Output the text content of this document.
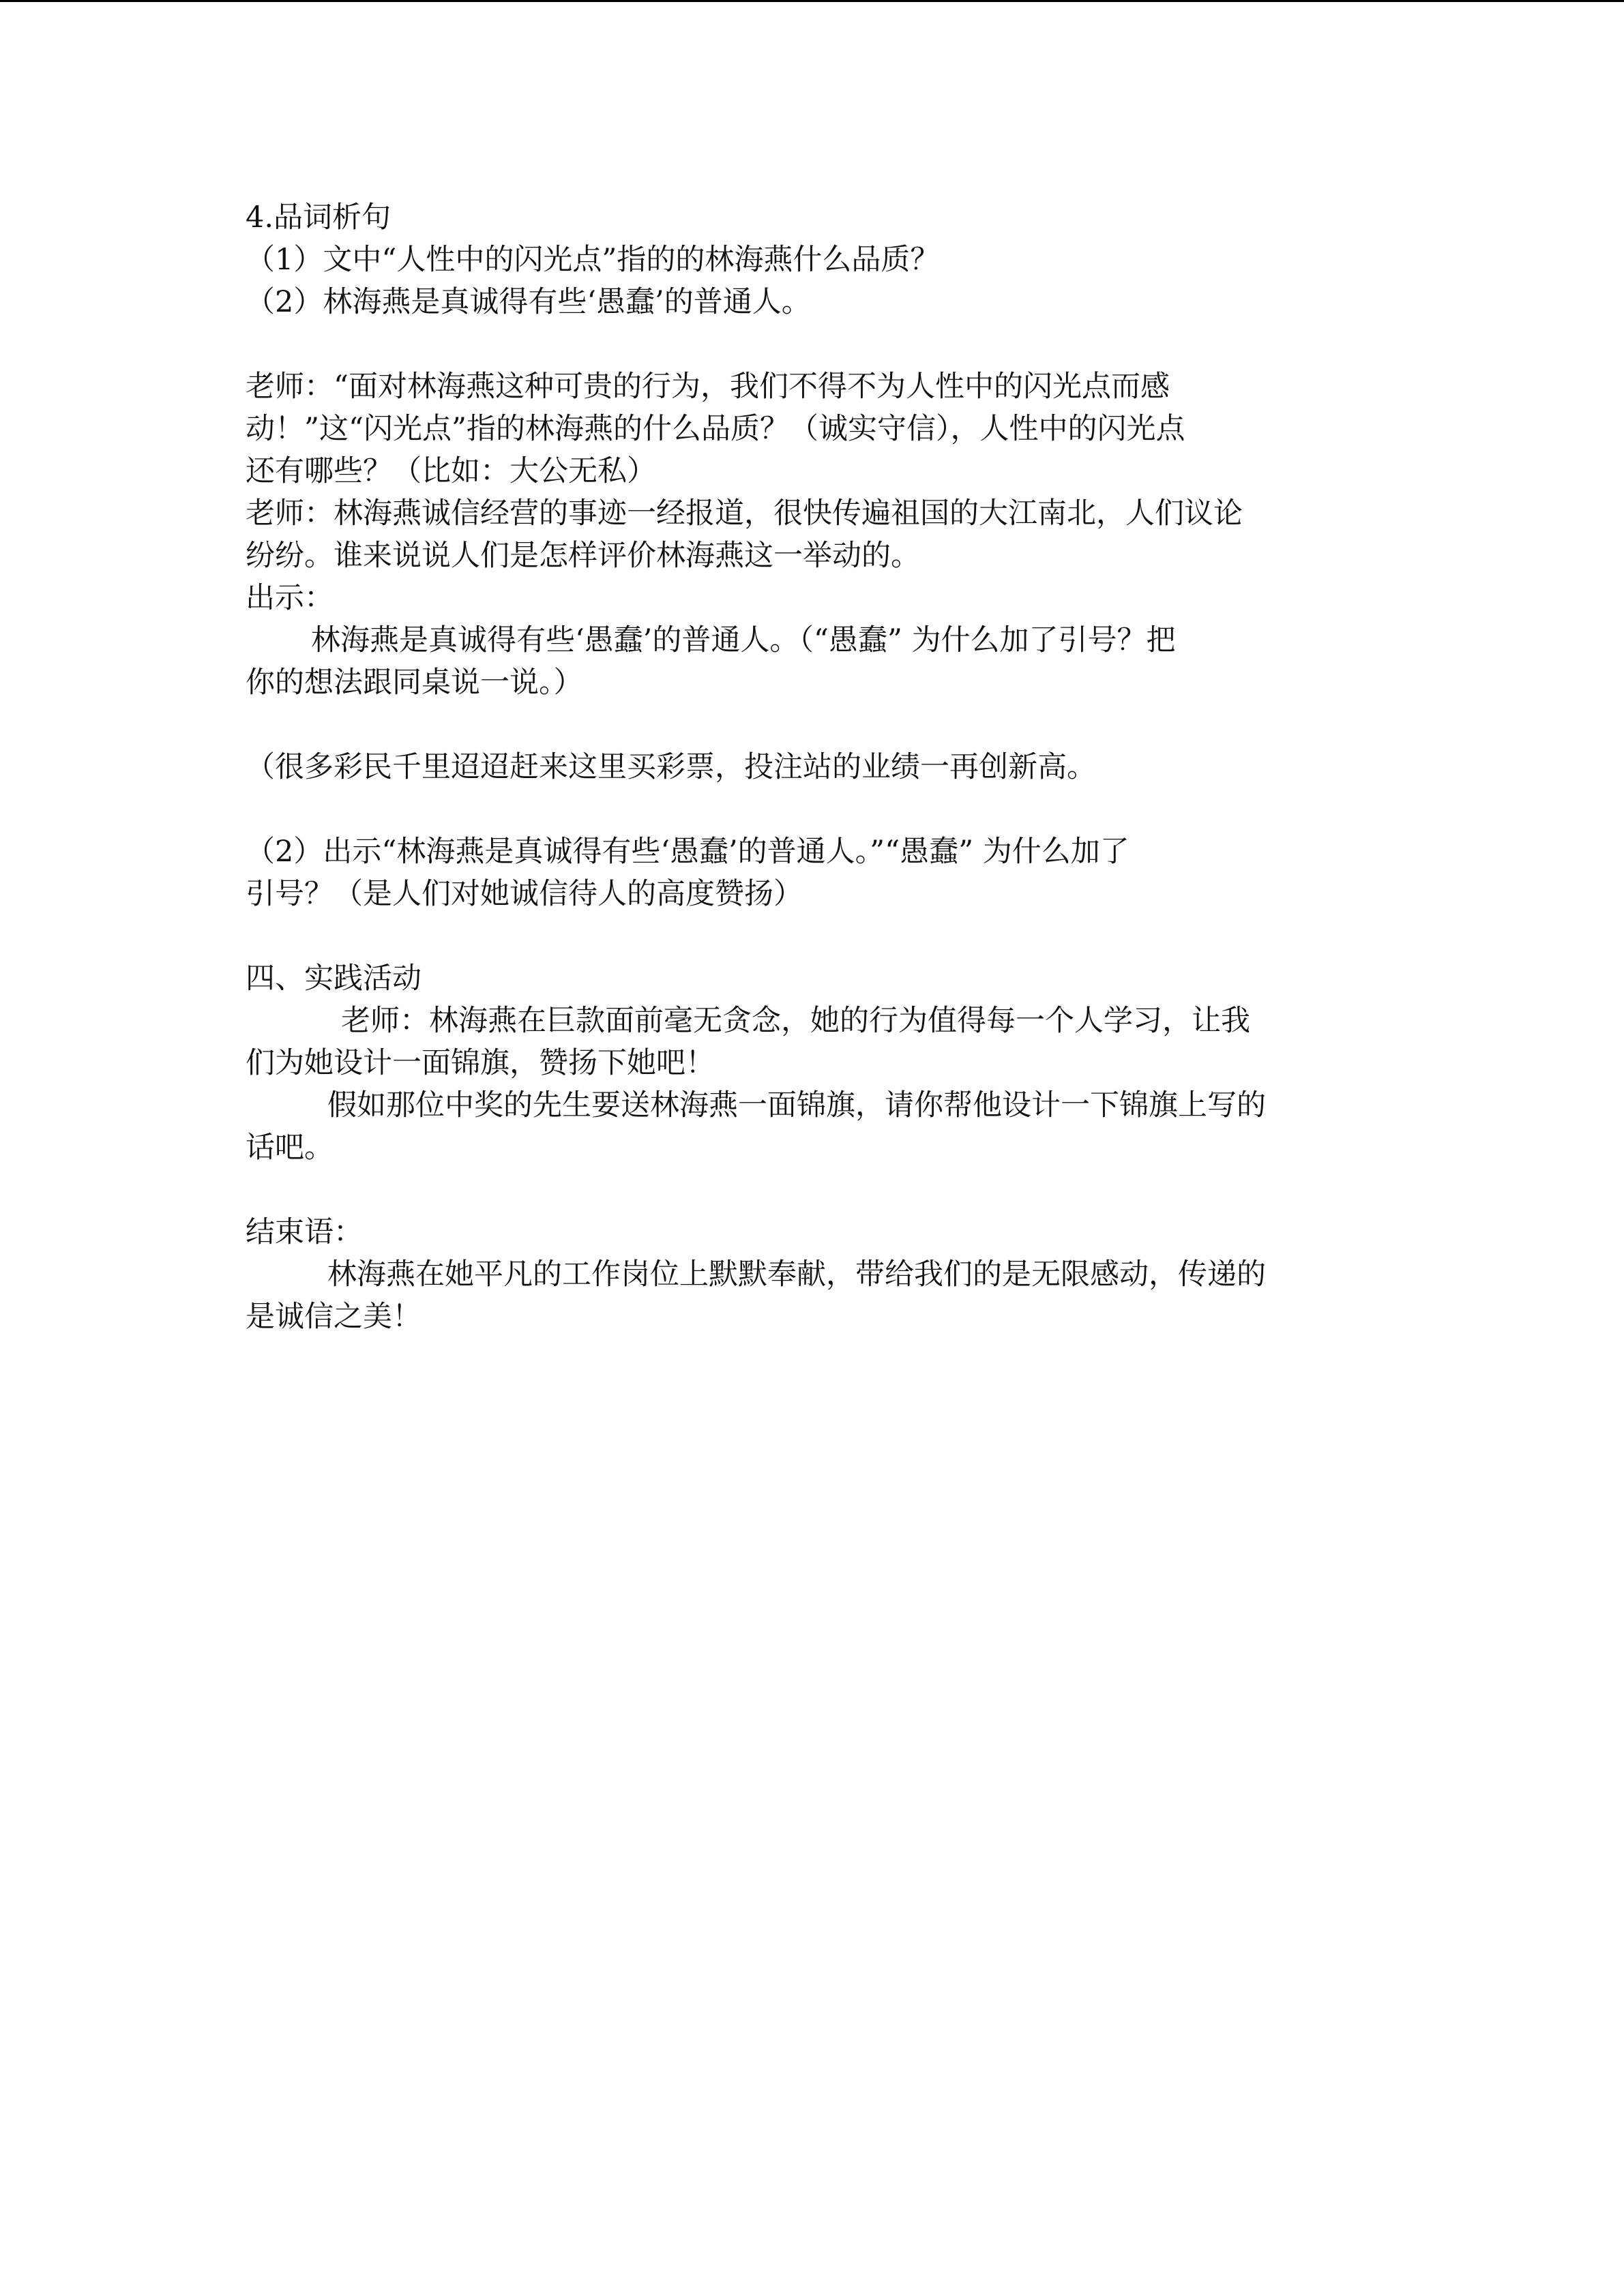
4.品词析句
（1）文中“人性中的闪光点”指的的林海燕什么品质？
（2）林海燕是真诚得有些‘愚蠢’的普通人。
老师：“面对林海燕这种可贵的行为，我们不得不为人性中的闪光点而感
动！”这“闪光点”指的林海燕的什么品质？（诚实守信），人性中的闪光点
还有哪些？（比如：大公无私）
老师：林海燕诚信经营的事迹一经报道，很快传遍祖国的大江南北，人们议论
纷纷。谁来说说人们是怎样评价林海燕这一举动的。
出示：
林海燕是真诚得有些‘愚蠢’的普通人。（“愚蠢” 为什么加了引号？把
你的想法跟同桌说一说。）
（很多彩民千里迢迢赶来这里买彩票，投注站的业绩一再创新高。
（2）出示“林海燕是真诚得有些‘愚蠢’的普通人。”“愚蠢” 为什么加了
引号？（是人们对她诚信待人的高度赞扬）
四、实践活动
老师：林海燕在巨款面前毫无贪念，她的行为值得每一个人学习，让我
们为她设计一面锦旗，赞扬下她吧！
假如那位中奖的先生要送林海燕一面锦旗，请你帮他设计一下锦旗上写的
话吧。
结束语：
林海燕在她平凡的工作岗位上默默奉献，带给我们的是无限感动，传递的
是诚信之美！
